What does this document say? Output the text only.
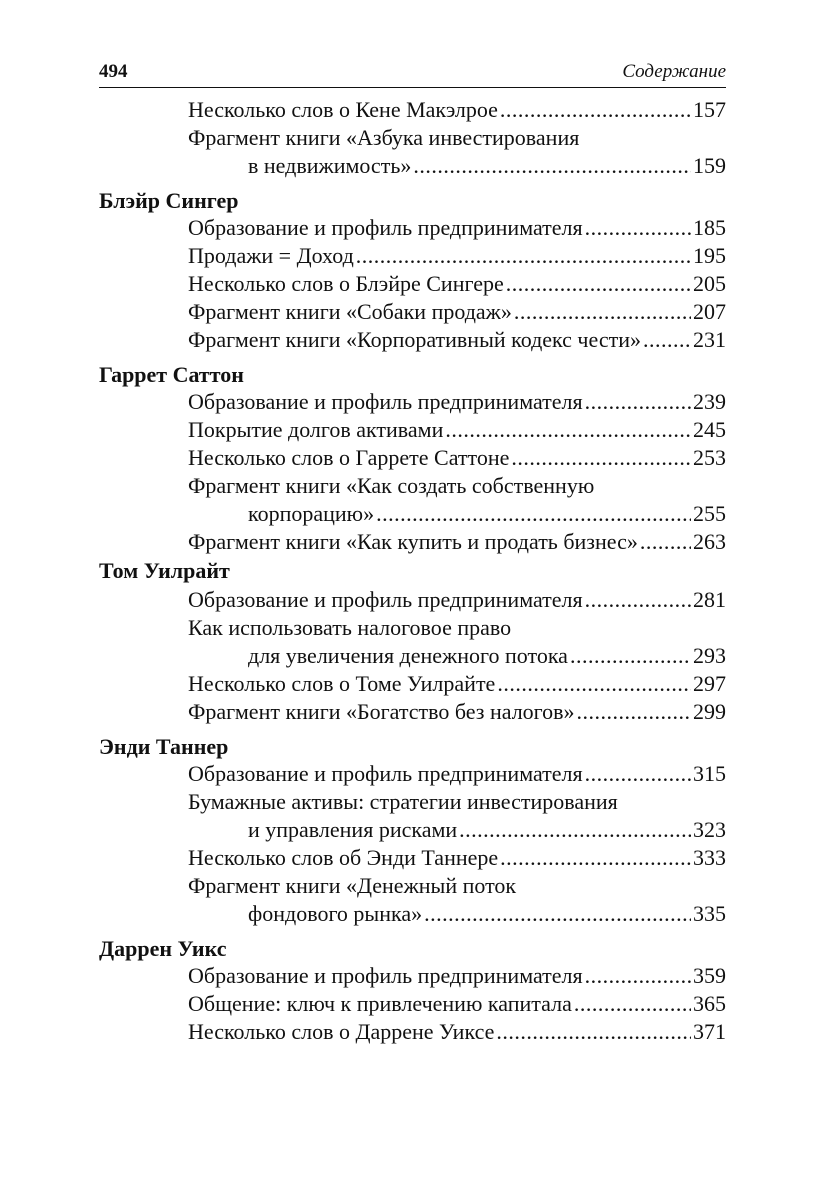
494	Содержание
Несколько слов о Кене Макэлрое .....	157
Фрагмент книги «Азбука инвестирования
в недвижимость» .....	159
Блэйр Сингер
Образование и профиль предпринимателя .....	185
Продажи = Доход .....	195
Несколько слов о Блэйре Сингере .....	205
Фрагмент книги «Собаки продаж» .....	207
Фрагмент книги «Корпоративный кодекс чести» ..... 231
Гаррет Саттон
Образование и профиль предпринимателя .....	239
Покрытие долгов активами .....	245
Несколько слов о Гаррете Саттоне .....	253
Фрагмент книги «Как создать собственную
корпорацию» .....	255
Фрагмент книги «Как купить и продать бизнес» .....	263
Том Уилрайт
Образование и профиль предпринимателя .....	281
Как использовать налоговое право
для увеличения денежного потока .....	293
Несколько слов о Томе Уилрайте .....	297
Фрагмент книги «Богатство без налогов» .....	299
Энди Таннер
Образование и профиль предпринимателя .....	315
Бумажные активы: стратегии инвестирования
и управления рисками .....	323
Несколько слов об Энди Таннере .....	333
Фрагмент книги «Денежный поток
фондового рынка» .....	335
Даррен Уикс
Образование и профиль предпринимателя .....	359
Общение: ключ к привлечению капитала .....	365
Несколько слов о Даррене Уиксе .....	371
